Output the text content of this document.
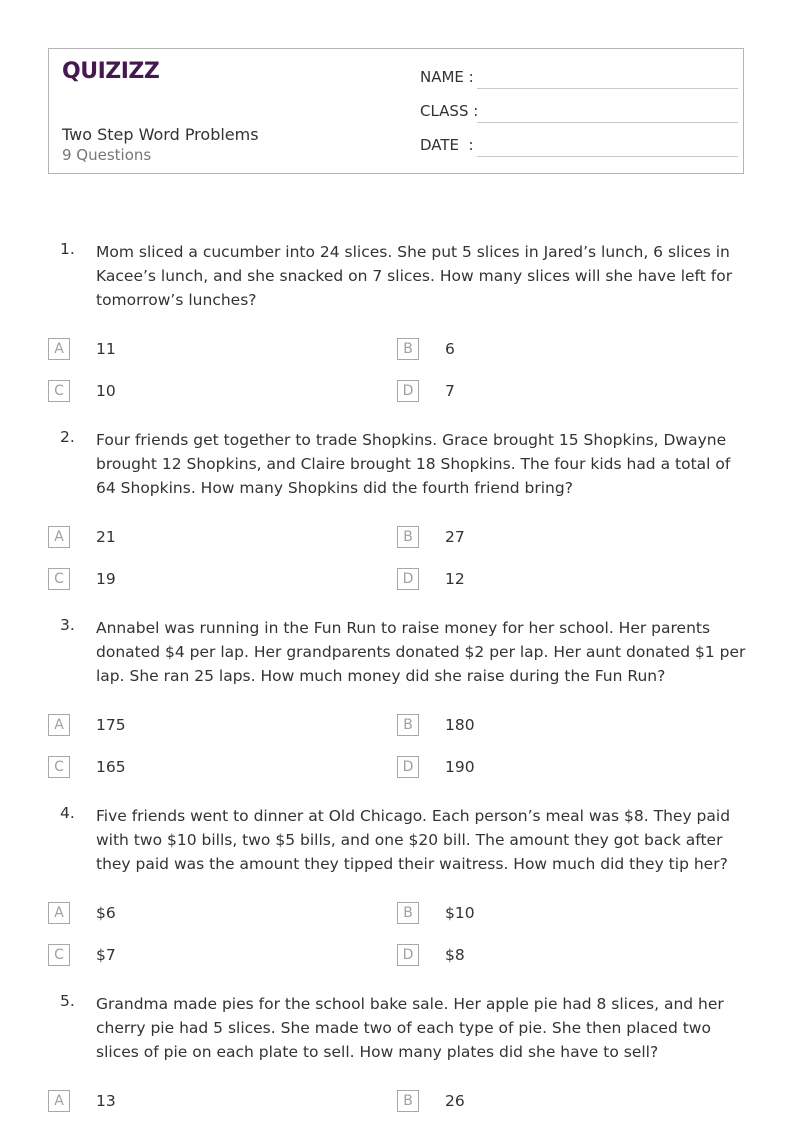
QUIZIZZ
Two Step Word Problems
9 Questions
NAME :
CLASS :
DATE  :
1. Mom sliced a cucumber into 24 slices. She put 5 slices in Jared’s lunch, 6 slices in Kacee’s lunch, and she snacked on 7 slices. How many slices will she have left for tomorrow’s lunches?
A	11	B	6
C	10	D	7
2. Four friends get together to trade Shopkins. Grace brought 15 Shopkins, Dwayne brought 12 Shopkins, and Claire brought 18 Shopkins. The four kids had a total of 64 Shopkins. How many Shopkins did the fourth friend bring?
A	21	B	27
C	19	D	12
3. Annabel was running in the Fun Run to raise money for her school. Her parents donated $4 per lap. Her grandparents donated $2 per lap. Her aunt donated $1 per lap. She ran 25 laps. How much money did she raise during the Fun Run?
A	175	B	180
C	165	D	190
4. Five friends went to dinner at Old Chicago. Each person’s meal was $8. They paid with two $10 bills, two $5 bills, and one $20 bill. The amount they got back after they paid was the amount they tipped their waitress. How much did they tip her?
A	$6	B	$10
C	$7	D	$8
5. Grandma made pies for the school bake sale. Her apple pie had 8 slices, and her cherry pie had 5 slices. She made two of each type of pie. She then placed two slices of pie on each plate to sell. How many plates did she have to sell?
A	13	B	26
